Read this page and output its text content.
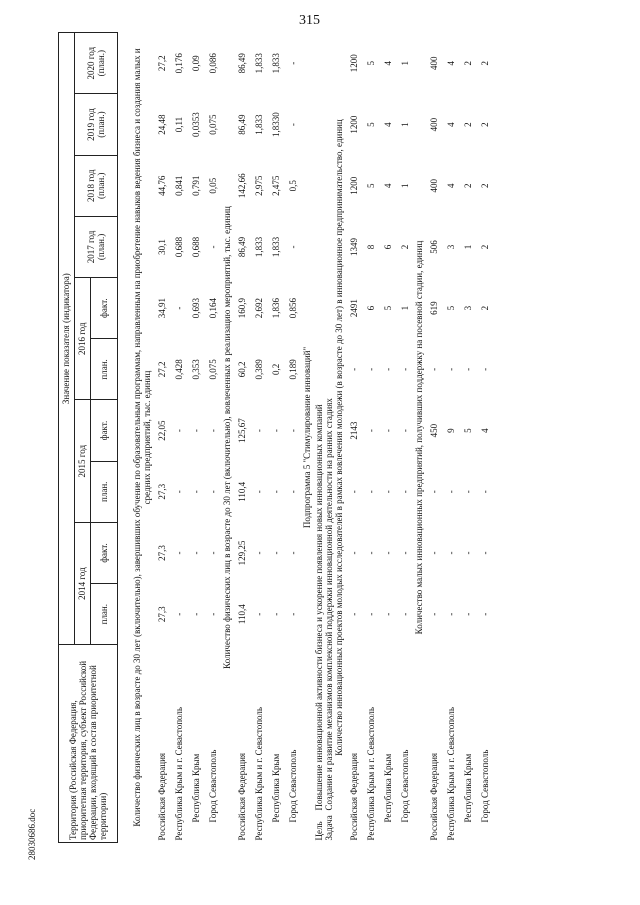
315
28030686.doc	Территория (Российская Федерация, приоритетная территория, субъект Российской Федерации, входящий в состав приоритетной территории)	Значение показателя (индикатора)									
	2014 год		2015 год		2016 год		2017 год (план.)	2018 год (план.)	2019 год (план.)	2020 год (план.)
	план.	факт.	план.	факт.	план.	факт.				

Количество физических лиц в возрасте до 30 лет (включительно), завершивших обучение по образовательным программам, направленным на приобретение навыков ведения бизнеса и создания малых и средних предприятий, тыс. единиц										
Российская Федерация	27,3	27,3	27,3	22,05	27,2	34,91	30,1	44,76	24,48	27,2
Республика Крым и г. Севастополь	-	-	-	-	0,428	-	0,688	0,841	0,11	0,176
Республика Крым	-	-	-	-	0,353	0,693	0,688	0,791	0,0353	0,09
Город Севастополь	-	-	-	-	0,075	0,164	-	0,05	0,075	0,086
Количество физических лиц в возрасте до 30 лет (включительно), вовлеченных в реализацию мероприятий, тыс. единиц										
Российская Федерация	110,4	129,25	110,4	125,67	60,2	160,9	86,49	142,66	86,49	86,49
Республика Крым и г. Севастополь	-	-	-	-	0,389	2,692	1,833	2,975	1,833	1,833
Республика Крым	-	-	-	-	0,2	1,836	1,833	2,475	1,8330	1,833
Город Севастополь	-	-	-	-	0,189	0,856	-	0,5	-	-
Подпрограмма 5 "Стимулирование инноваций"										
ЦельПовышение инновационной активности бизнеса и ускорение появления новых инновационных компаний										
ЗадачаСоздание и развитие механизмов комплексной поддержки инновационной деятельности на ранних стадиях										
Количество инновационных проектов молодых исследователей в рамках вовлечения молодежи (в возрасте до 30 лет) в инновационное предпринимательство, единиц										
Российская Федерация	-	-	-	2143	-	2491	1349	1200	1200	1200
Республика Крым и г. Севастополь	-	-	-	-	-	6	8	5	5	5
Республика Крым	-	-	-	-	-	5	6	4	4	4
Город Севастополь	-	-	-	-	-	1	2	1	1	1
Количество малых инновационных предприятий, получивших поддержку на посевной стадии, единиц										
Российская Федерация	-	-	-	450	-	619	506	400	400	400
Республика Крым и г. Севастополь	-	-	-	9	-	5	3	4	4	4
Республика Крым	-	-	-	5	-	3	1	2	2	2
Город Севастополь	-	-	-	4	-	2	2	2	2	2
